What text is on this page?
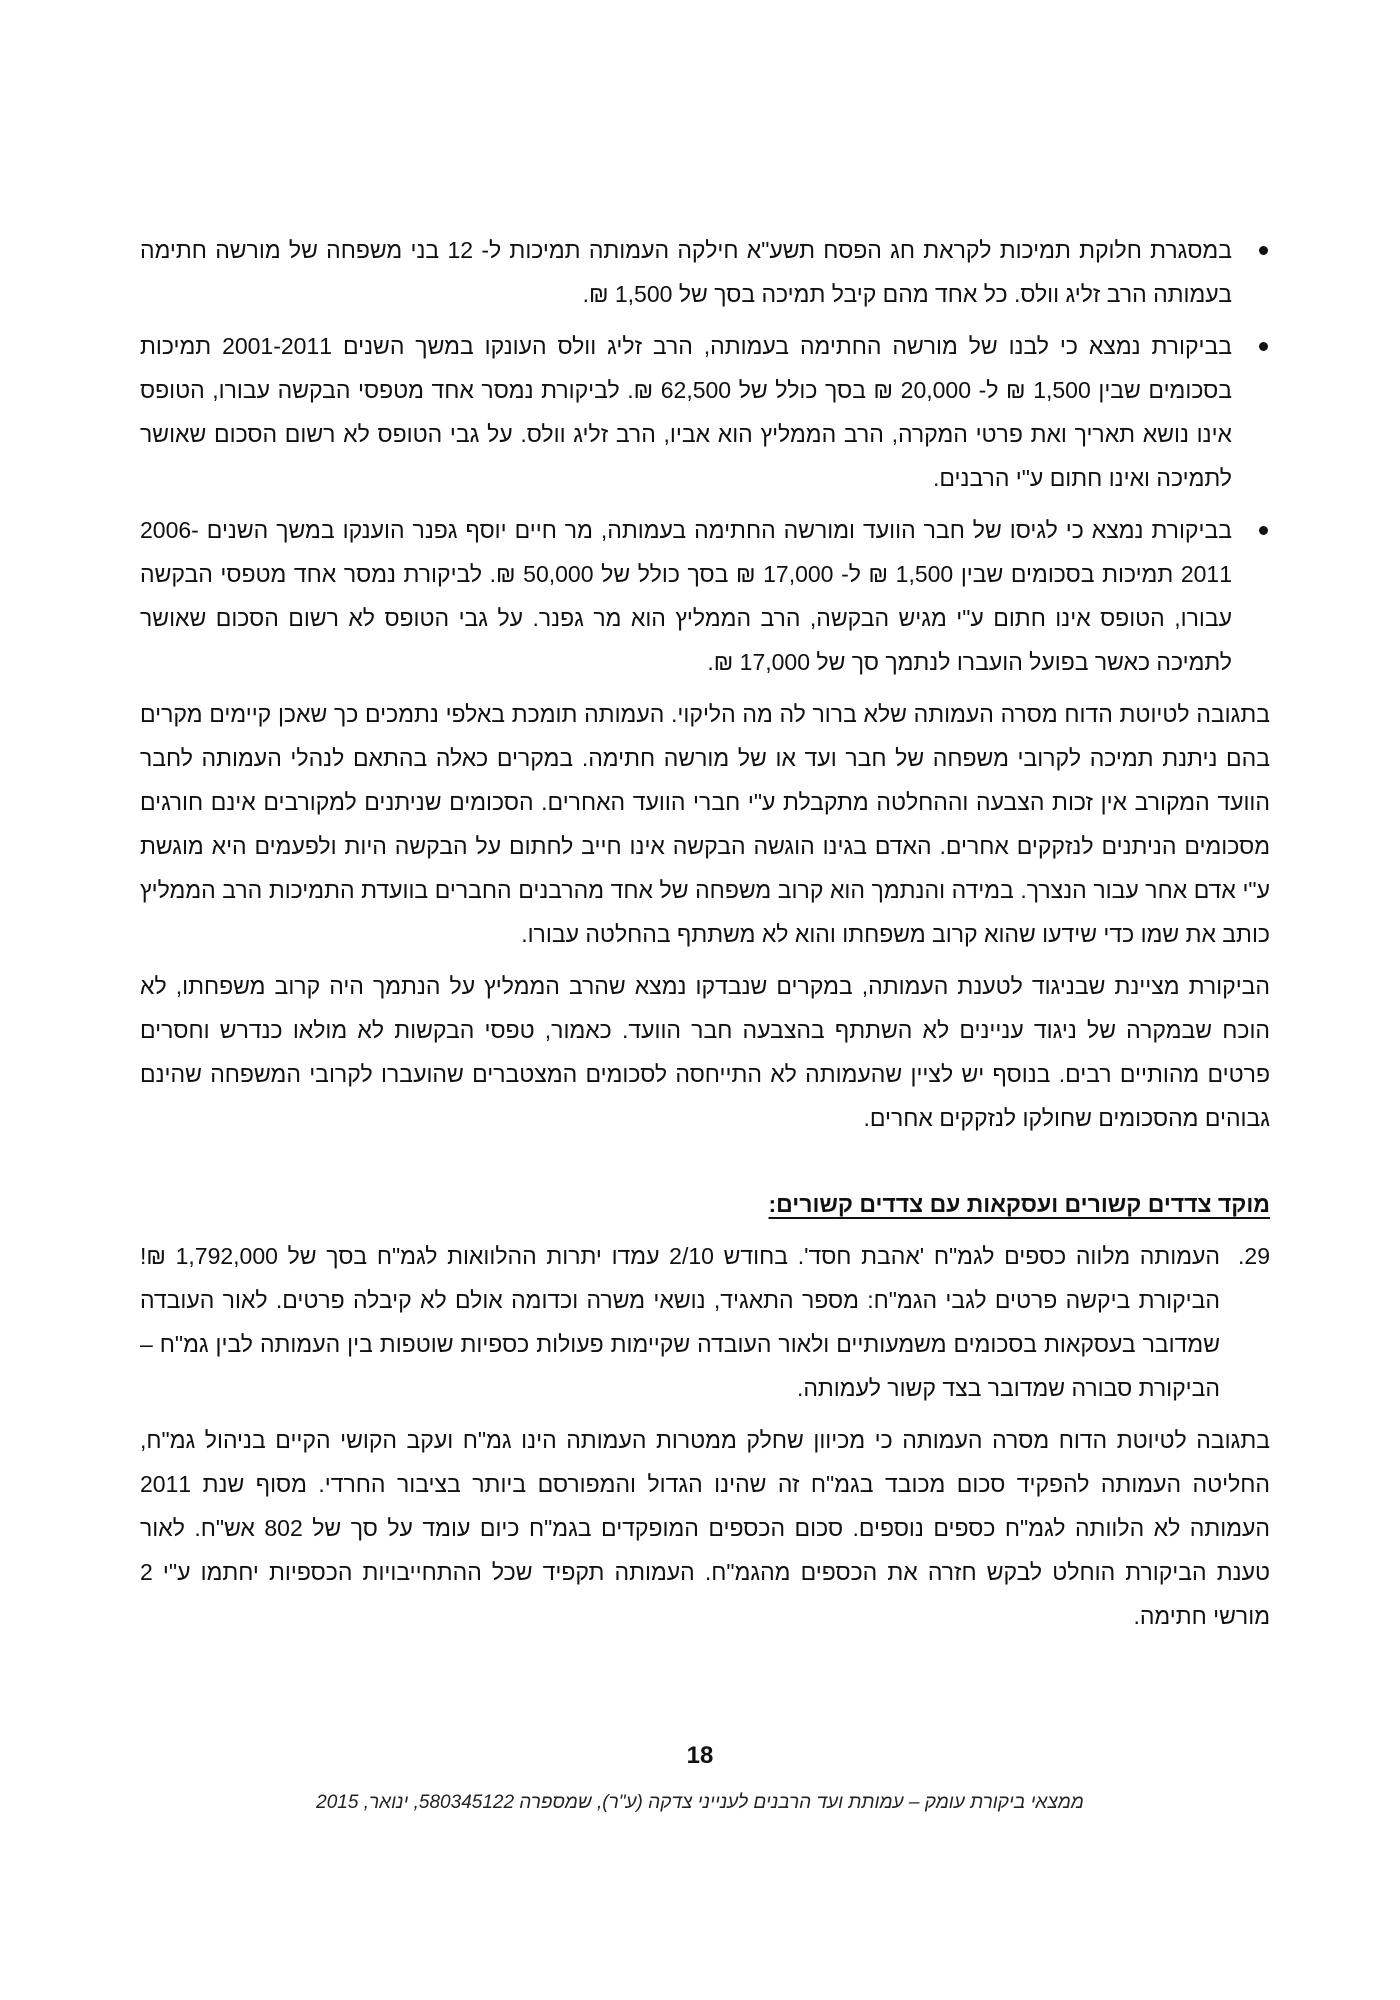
במסגרת חלוקת תמיכות לקראת חג הפסח תשע"א חילקה העמותה תמיכות ל- 12 בני משפחה של מורשה חתימה בעמותה הרב זליג וולס. כל אחד מהם קיבל תמיכה בסך של 1,500 ₪.
בביקורת נמצא כי לבנו של מורשה החתימה בעמותה, הרב זליג וולס העונקו במשך השנים 2001-2011 תמיכות בסכומים שבין 1,500 ₪ ל- 20,000 ₪ בסך כולל של 62,500 ₪. לביקורת נמסר אחד מטפסי הבקשה עבורו, הטופס אינו נושא תאריך ואת פרטי המקרה, הרב הממליץ הוא אביו, הרב זליג וולס. על גבי הטופס לא רשום הסכום שאושר לתמיכה ואינו חתום ע"י הרבנים.
בביקורת נמצא כי לגיסו של חבר הוועד ומורשה החתימה בעמותה, מר חיים יוסף גפנר הוענקו במשך השנים 2006-2011 תמיכות בסכומים שבין 1,500 ₪ ל- 17,000 ₪ בסך כולל של 50,000 ₪. לביקורת נמסר אחד מטפסי הבקשה עבורו, הטופס אינו חתום ע"י מגיש הבקשה, הרב הממליץ הוא מר גפנר. על גבי הטופס לא רשום הסכום שאושר לתמיכה כאשר בפועל הועברו לנתמך סך של 17,000 ₪.

בתגובה לטיוטת הדוח מסרה העמותה שלא ברור לה מה הליקוי. העמותה תומכת באלפי נתמכים כך שאכן קיימים מקרים בהם ניתנת תמיכה לקרובי משפחה של חבר ועד או של מורשה חתימה. במקרים כאלה בהתאם לנהלי העמותה לחבר הוועד המקורב אין זכות הצבעה וההחלטה מתקבלת ע"י חברי הוועד האחרים. הסכומים שניתנים למקורבים אינם חורגים מסכומים הניתנים לנזקקים אחרים. האדם בגינו הוגשה הבקשה אינו חייב לחתום על הבקשה היות ולפעמים היא מוגשת ע"י אדם אחר עבור הנצרך. במידה והנתמך הוא קרוב משפחה של אחד מהרבנים החברים בוועדת התמיכות הרב הממליץ כותב את שמו כדי שידעו שהוא קרוב משפחתו והוא לא משתתף בהחלטה עבורו.

הביקורת מציינת שבניגוד לטענת העמותה, במקרים שנבדקו נמצא שהרב הממליץ על הנתמך היה קרוב משפחתו, לא הוכח שבמקרה של ניגוד עניינים לא השתתף בהצבעה חבר הוועד. כאמור, טפסי הבקשות לא מולאו כנדרש וחסרים פרטים מהותיים רבים. בנוסף יש לציין שהעמותה לא התייחסה לסכומים המצטברים שהועברו לקרובי המשפחה שהינם גבוהים מהסכומים שחולקו לנזקקים אחרים.

מוקד צדדים קשורים ועסקאות עם צדדים קשורים:

29.
העמותה מלווה כספים לגמ"ח 'אהבת חסד'. בחודש 2/10 עמדו יתרות ההלוואות לגמ"ח בסך של 1,792,000 ₪! הביקורת ביקשה פרטים לגבי הגמ"ח: מספר התאגיד, נושאי משרה וכדומה אולם לא קיבלה פרטים. לאור העובדה שמדובר בעסקאות בסכומים משמעותיים ולאור העובדה שקיימות פעולות כספיות שוטפות בין העמותה לבין גמ"ח – הביקורת סבורה שמדובר בצד קשור לעמותה.

בתגובה לטיוטת הדוח מסרה העמותה כי מכיוון שחלק ממטרות העמותה הינו גמ"ח ועקב הקושי הקיים בניהול גמ"ח, החליטה העמותה להפקיד סכום מכובד בגמ"ח זה שהינו הגדול והמפורסם ביותר בציבור החרדי. מסוף שנת 2011 העמותה לא הלוותה לגמ"ח כספים נוספים. סכום הכספים המופקדים בגמ"ח כיום עומד על סך של 802 אש"ח. לאור טענת הביקורת הוחלט לבקש חזרה את הכספים מהגמ"ח. העמותה תקפיד שכל ההתחייבויות הכספיות יחתמו ע"י 2 מורשי חתימה.

18
ממצאי ביקורת עומק – עמותת ועד הרבנים לענייני צדקה (ע"ר), שמספרה 580345122, ינואר, 2015
